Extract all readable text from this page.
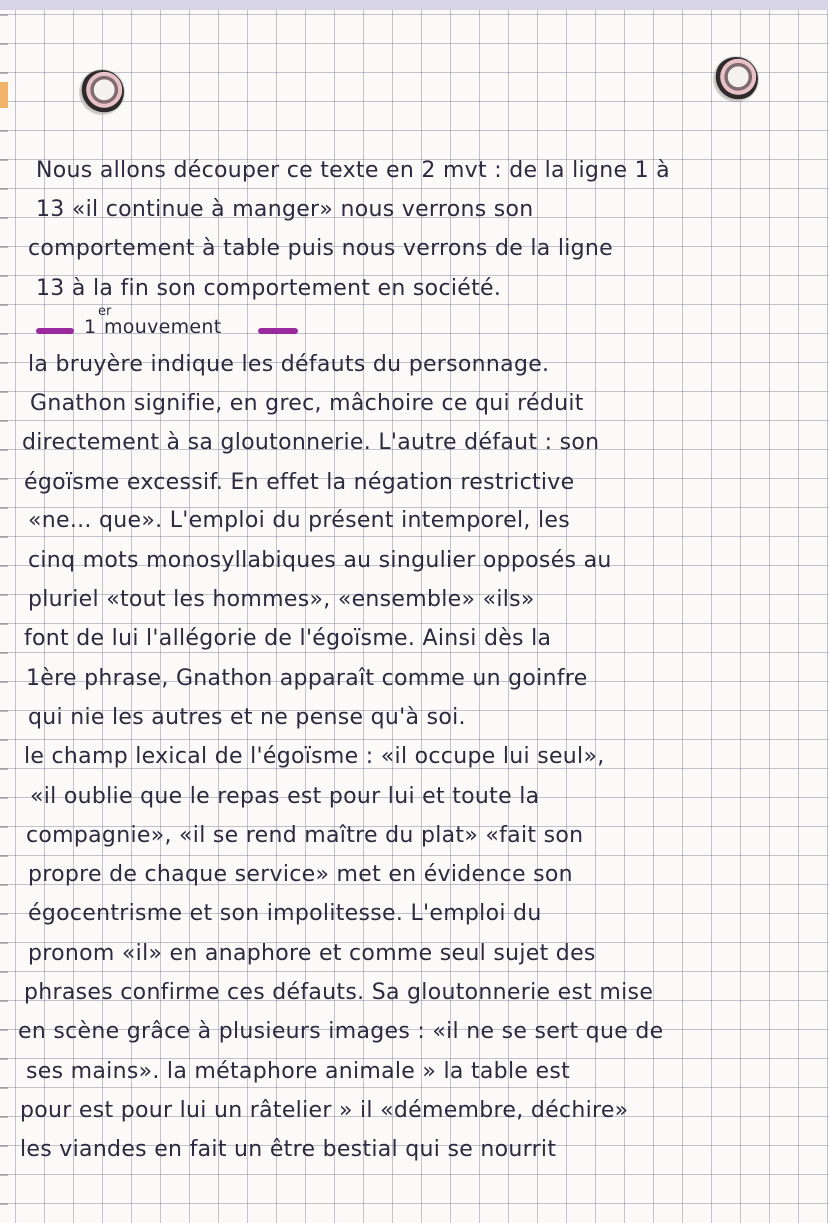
Nous allons découper ce texte en 2 mvt : de la ligne 1 à
13 «il continue à manger» nous verrons son
comportement à table puis nous verrons de la ligne
13 à la fin son comportement en société.
1
er
mouvement
la bruyère indique les défauts du personnage.
Gnathon signifie, en grec, mâchoire ce qui réduit
directement à sa gloutonnerie. L'autre défaut : son
égoïsme excessif. En effet la négation restrictive
«ne... que». L'emploi du présent intemporel, les
cinq mots monosyllabiques au singulier opposés au
pluriel «tout les hommes», «ensemble» «ils»
font de lui l'allégorie de l'égoïsme. Ainsi dès la
1ère phrase, Gnathon apparaît comme un goinfre
qui nie les autres et ne pense qu'à soi.
le champ lexical de l'égoïsme : «il occupe lui seul»,
«il oublie que le repas est pour lui et toute la
compagnie», «il se rend maître du plat» «fait son
propre de chaque service» met en évidence son
égocentrisme et son impolitesse. L'emploi du
pronom «il» en anaphore et comme seul sujet des
phrases confirme ces défauts. Sa gloutonnerie est mise
en scène grâce à plusieurs images : «il ne se sert que de
ses mains». la métaphore animale » la table est
pour est pour lui un râtelier » il «démembre, déchire»
les viandes en fait un être bestial qui se nourrit
